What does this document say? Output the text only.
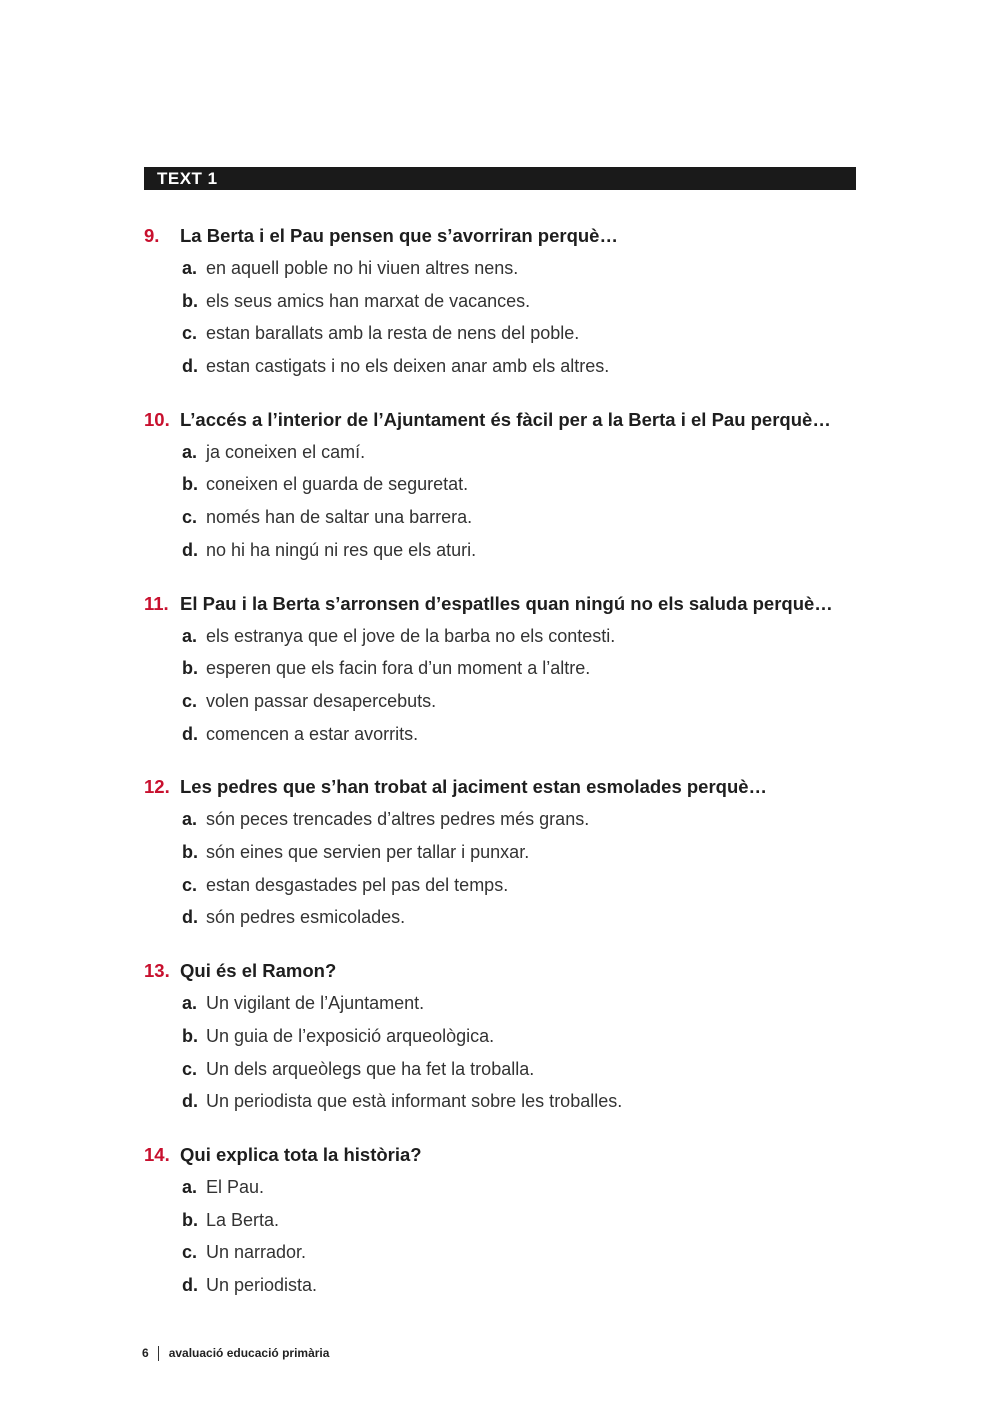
TEXT 1
9. La Berta i el Pau pensen que s’avorriran perquè…
a. en aquell poble no hi viuen altres nens.
b. els seus amics han marxat de vacances.
c. estan barallats amb la resta de nens del poble.
d. estan castigats i no els deixen anar amb els altres.
10. L’accés a l’interior de l’Ajuntament és fàcil per a la Berta i el Pau perquè…
a. ja coneixen el camí.
b. coneixen el guarda de seguretat.
c. només han de saltar una barrera.
d. no hi ha ningú ni res que els aturi.
11. El Pau i la Berta s’arronsen d’espatlles quan ningú no els saluda perquè…
a. els estranya que el jove de la barba no els contesti.
b. esperen que els facin fora d’un moment a l’altre.
c. volen passar desapercebuts.
d. comencen a estar avorrits.
12. Les pedres que s’han trobat al jaciment estan esmolades perquè…
a. són peces trencades d’altres pedres més grans.
b. són eines que servien per tallar i punxar.
c. estan desgastades pel pas del temps.
d. són pedres esmicolades.
13. Qui és el Ramon?
a. Un vigilant de l’Ajuntament.
b. Un guia de l’exposició arqueològica.
c. Un dels arqueòlegs que ha fet la troballa.
d. Un periodista que està informant sobre les troballes.
14. Qui explica tota la història?
a. El Pau.
b. La Berta.
c. Un narrador.
d. Un periodista.
6 avaluació educació primària
